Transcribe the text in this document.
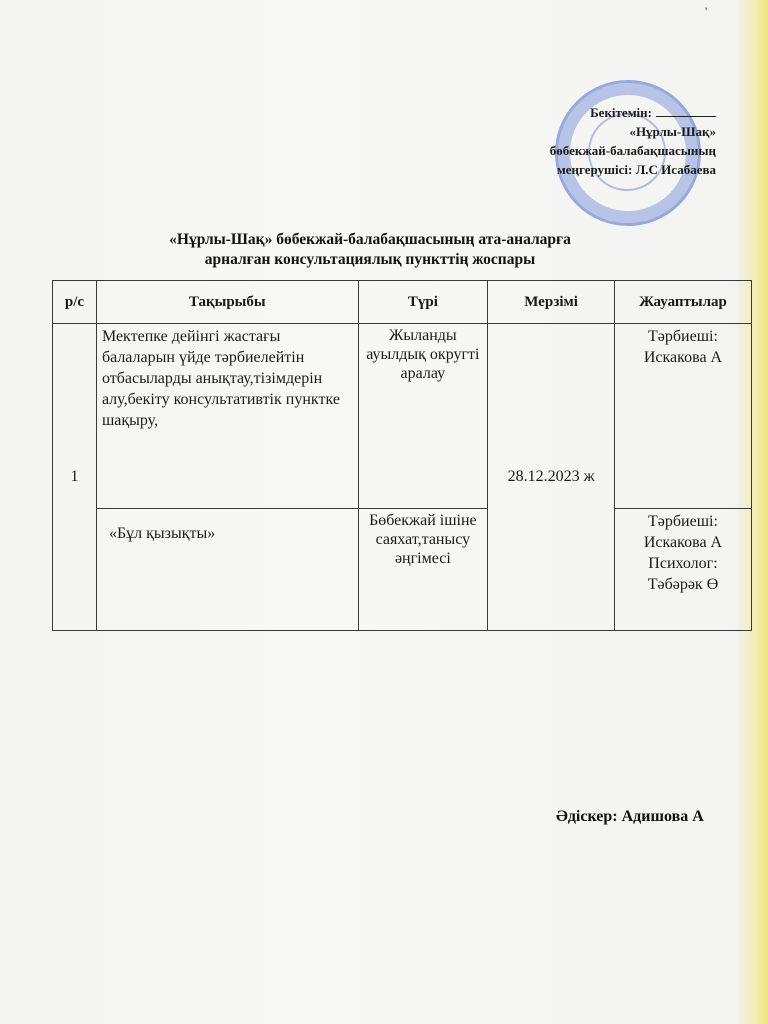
'
Бекітемін:
«Нұрлы-Шақ»
бөбекжай-балабақшасының
меңгерушісі: Л.С Исабаева
«Нұрлы-Шақ» бөбекжай-балабақшасының ата-аналарға
арналған консультациялық пункттің жоспары
р/с	Тақырыбы	Түрі	Мерзімі	Жауаптылар
1	Мектепке дейінгі жастағы балаларын үйде тәрбиелейтін отбасыларды анықтау,тізімдерін алу,бекіту консультативтік пунктке шақыру,	Жыланды ауылдық округті аралау	28.12.2023 ж	Тәрбиеші: Искакова А
	«Бұл қызықты»	Бөбекжай ішіне саяхат,танысу әңгімесі		Тәрбиеші: Искакова А Психолог: Тәбәрәк Ө
Әдіскер: Адишова А
